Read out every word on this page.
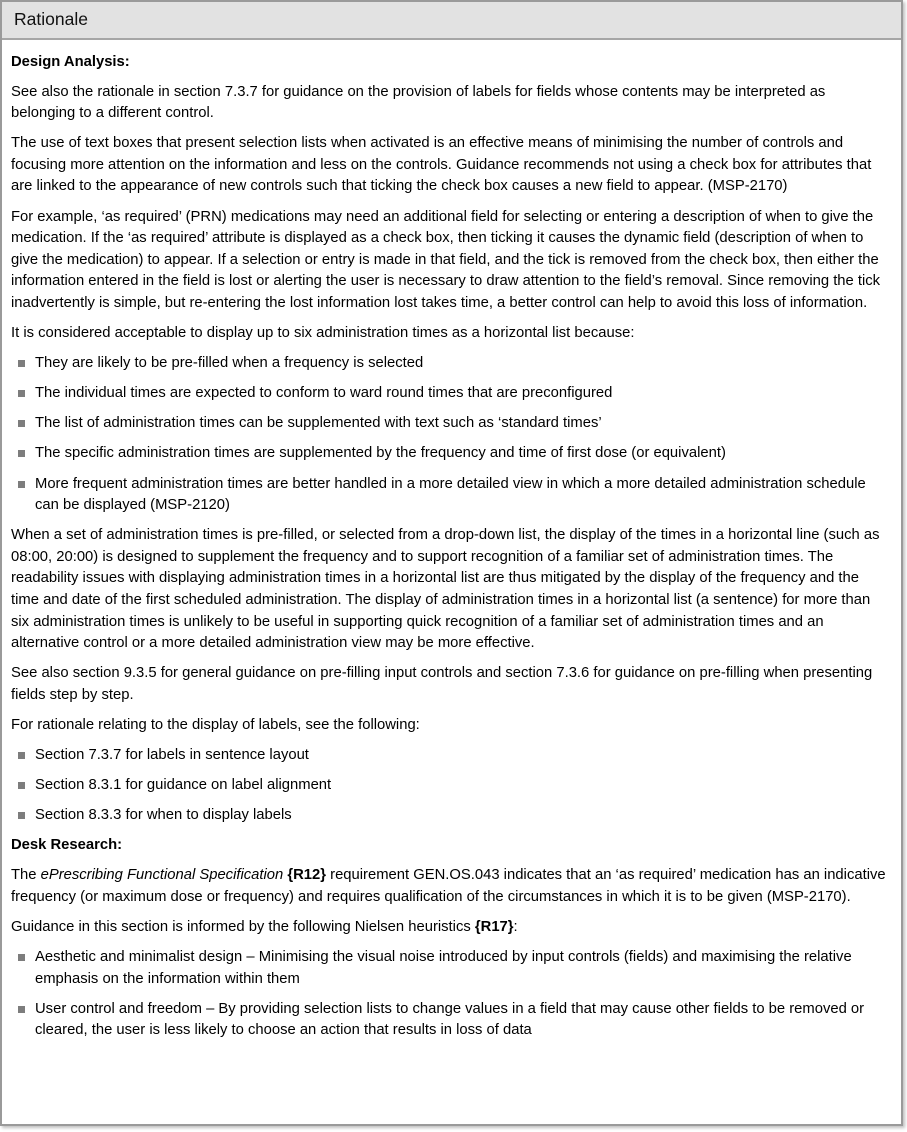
Rationale

Design Analysis:

See also the rationale in section 7.3.7 for guidance on the provision of labels for fields whose contents may be interpreted as belonging to a different control.

The use of text boxes that present selection lists when activated is an effective means of minimising the number of controls and focusing more attention on the information and less on the controls. Guidance recommends not using a check box for attributes that are linked to the appearance of new controls such that ticking the check box causes a new field to appear. (MSP-2170)

For example, ‘as required’ (PRN) medications may need an additional field for selecting or entering a description of when to give the medication. If the ‘as required’ attribute is displayed as a check box, then ticking it causes the dynamic field (description of when to give the medication) to appear. If a selection or entry is made in that field, and the tick is removed from the check box, then either the information entered in the field is lost or alerting the user is necessary to draw attention to the field’s removal. Since removing the tick inadvertently is simple, but re-entering the lost information lost takes time, a better control can help to avoid this loss of information.

It is considered acceptable to display up to six administration times as a horizontal list because:

They are likely to be pre-filled when a frequency is selected
The individual times are expected to conform to ward round times that are preconfigured
The list of administration times can be supplemented with text such as ‘standard times’
The specific administration times are supplemented by the frequency and time of first dose (or equivalent)
More frequent administration times are better handled in a more detailed view in which a more detailed administration schedule can be displayed (MSP-2120)

When a set of administration times is pre-filled, or selected from a drop-down list, the display of the times in a horizontal line (such as 08:00, 20:00) is designed to supplement the frequency and to support recognition of a familiar set of administration times. The readability issues with displaying administration times in a horizontal list are thus mitigated by the display of the frequency and the time and date of the first scheduled administration. The display of administration times in a horizontal list (a sentence) for more than six administration times is unlikely to be useful in supporting quick recognition of a familiar set of administration times and an alternative control or a more detailed administration view may be more effective.

See also section 9.3.5 for general guidance on pre-filling input controls and section 7.3.6 for guidance on pre-filling when presenting fields step by step.

For rationale relating to the display of labels, see the following:

Section 7.3.7 for labels in sentence layout
Section 8.3.1 for guidance on label alignment
Section 8.3.3 for when to display labels

Desk Research:

The ePrescribing Functional Specification {R12} requirement GEN.OS.043 indicates that an ‘as required’ medication has an indicative frequency (or maximum dose or frequency) and requires qualification of the circumstances in which it is to be given (MSP-2170).

Guidance in this section is informed by the following Nielsen heuristics {R17}:

Aesthetic and minimalist design – Minimising the visual noise introduced by input controls (fields) and maximising the relative emphasis on the information within them
User control and freedom – By providing selection lists to change values in a field that may cause other fields to be removed or cleared, the user is less likely to choose an action that results in loss of data
